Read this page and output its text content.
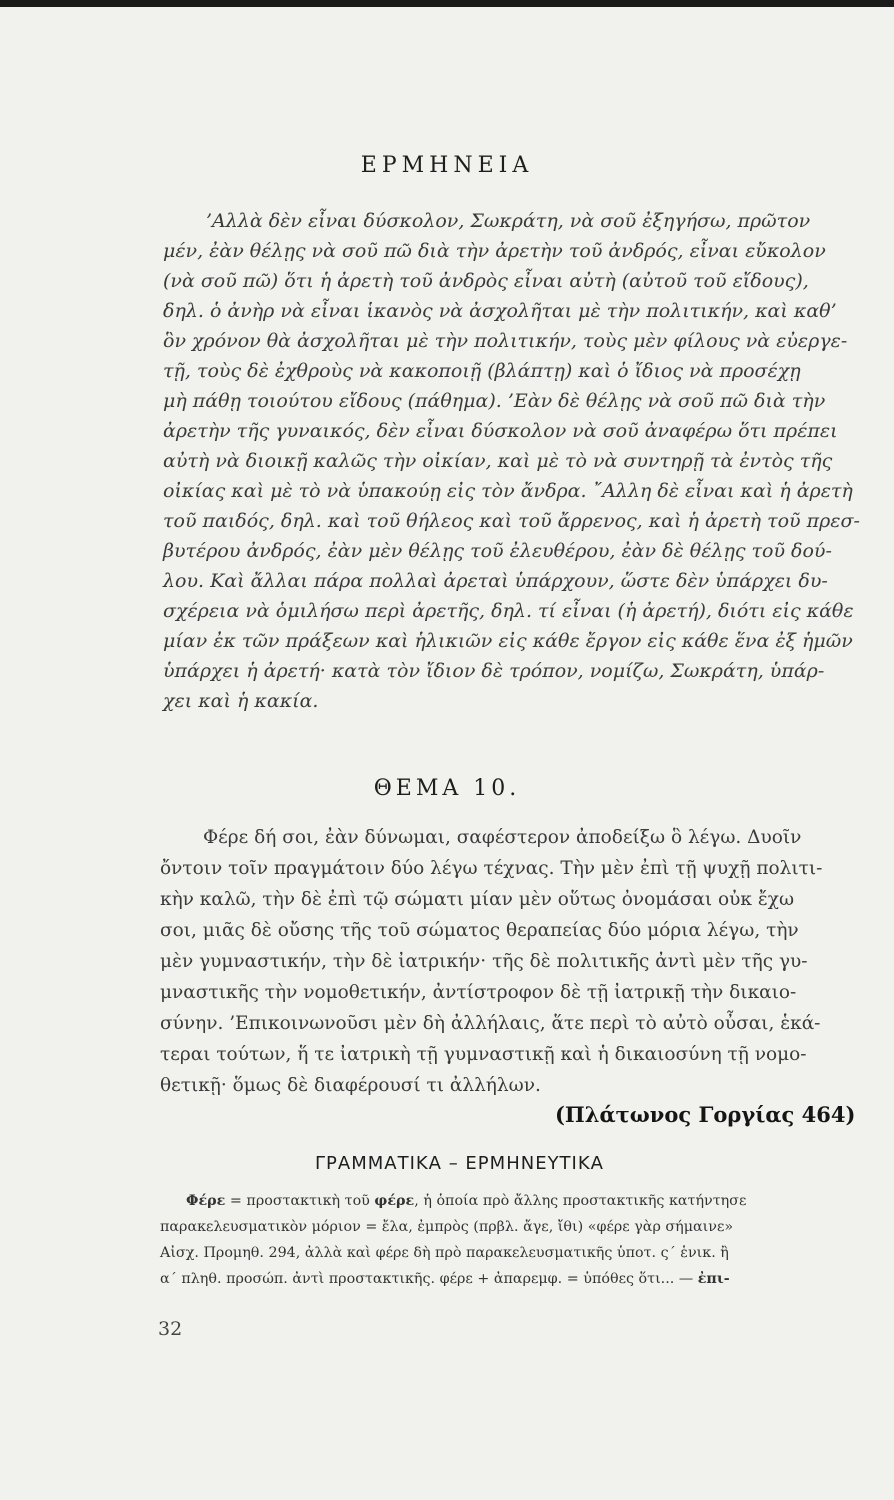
ΕΡΜΗΝΕΙΑ

’Αλλὰ δὲν εἶναι δύσκολον, Σωκράτη, νὰ σοῦ ἐξηγήσω, πρῶτον

μέν, ἐὰν θέλῃς νὰ σοῦ πῶ διὰ τὴν ἀρετὴν τοῦ ἀνδρός, εἶναι εὔκολον

(νὰ σοῦ πῶ) ὅτι ἡ ἀρετὴ τοῦ ἀνδρὸς εἶναι αὐτὴ (αὐτοῦ τοῦ εἴδους),

δηλ. ὁ ἀνὴρ νὰ εἶναι ἱκανὸς νὰ ἀσχολῆται μὲ τὴν πολιτικήν, καὶ καθ’

ὃν χρόνον θὰ ἀσχολῆται μὲ τὴν πολιτικήν, τοὺς μὲν φίλους νὰ εὐεργε-

τῇ, τοὺς δὲ ἐχθροὺς νὰ κακοποιῇ (βλάπτῃ) καὶ ὁ ἴδιος νὰ προσέχῃ

μὴ πάθῃ τοιούτου εἴδους (πάθημα). ’Εὰν δὲ θέλῃς νὰ σοῦ πῶ διὰ τὴν

ἀρετὴν τῆς γυναικός, δὲν εἶναι δύσκολον νὰ σοῦ ἀναφέρω ὅτι πρέπει

αὐτὴ νὰ διοικῇ καλῶς τὴν οἰκίαν, καὶ μὲ τὸ νὰ συντηρῇ τὰ ἐντὸς τῆς

οἰκίας καὶ μὲ τὸ νὰ ὑπακούῃ εἰς τὸν ἄνδρα. ῎Αλλη δὲ εἶναι καὶ ἡ ἀρετὴ

τοῦ παιδός, δηλ. καὶ τοῦ θήλεος καὶ τοῦ ἄρρενος, καὶ ἡ ἀρετὴ τοῦ πρεσ-

βυτέρου ἀνδρός, ἐὰν μὲν θέλῃς τοῦ ἐλευθέρου, ἐὰν δὲ θέλῃς τοῦ δού-

λου. Καὶ ἄλλαι πάρα πολλαὶ ἀρεταὶ ὑπάρχουν, ὥστε δὲν ὑπάρχει δυ-

σχέρεια νὰ ὁμιλήσω περὶ ἀρετῆς, δηλ. τί εἶναι (ἡ ἀρετή), διότι εἰς κάθε

μίαν ἐκ τῶν πράξεων καὶ ἡλικιῶν εἰς κάθε ἔργον εἰς κάθε ἕνα ἐξ ἡμῶν

ὑπάρχει ἡ ἀρετή· κατὰ τὸν ἴδιον δὲ τρόπον, νομίζω, Σωκράτη, ὑπάρ-

χει καὶ ἡ κακία.

ΘΕΜΑ 10.

Φέρε δή σοι, ἐὰν δύνωμαι, σαφέστερον ἀποδείξω ὃ λέγω. Δυοῖν

ὄντοιν τοῖν πραγμάτοιν δύο λέγω τέχνας. Τὴν μὲν ἐπὶ τῇ ψυχῇ πολιτι-

κὴν καλῶ, τὴν δὲ ἐπὶ τῷ σώματι μίαν μὲν οὕτως ὀνομάσαι οὐκ ἔχω

σοι, μιᾶς δὲ οὔσης τῆς τοῦ σώματος θεραπείας δύο μόρια λέγω, τὴν

μὲν γυμναστικήν, τὴν δὲ ἰατρικήν· τῆς δὲ πολιτικῆς ἀντὶ μὲν τῆς γυ-

μναστικῆς τὴν νομοθετικήν, ἀντίστροφον δὲ τῇ ἰατρικῇ τὴν δικαιο-

σύνην. ’Επικοινωνοῦσι μὲν δὴ ἀλλήλαις, ἅτε περὶ τὸ αὐτὸ οὖσαι, ἑκά-

τεραι τούτων, ἥ τε ἰατρικὴ τῇ γυμναστικῇ καὶ ἡ δικαιοσύνη τῇ νομο-

θετικῇ· ὅμως δὲ διαφέρουσί τι ἀλλήλων.

(Πλάτωνος Γοργίας 464)
ΓΡΑΜΜΑΤΙΚΑ – ΕΡΜΗΝΕΥΤΙΚΑ

Φέρε = προστακτικὴ τοῦ φέρε, ἡ ὁποία πρὸ ἄλλης προστακτικῆς κατήντησε

παρακελευσματικὸν μόριον = ἔλα, ἐμπρὸς (πρβλ. ἄγε, ἴθι) «φέρε γὰρ σήμαινε»

Αἰσχ. Προμηθ. 294, ἀλλὰ καὶ φέρε δὴ πρὸ παρακελευσματικῆς ὑποτ. ς΄ ἑνικ. ἢ

α΄ πληθ. προσώπ. ἀντὶ προστακτικῆς. φέρε + ἀπαρεμφ. = ὑπόθες ὅτι... — ἐπι-

32
